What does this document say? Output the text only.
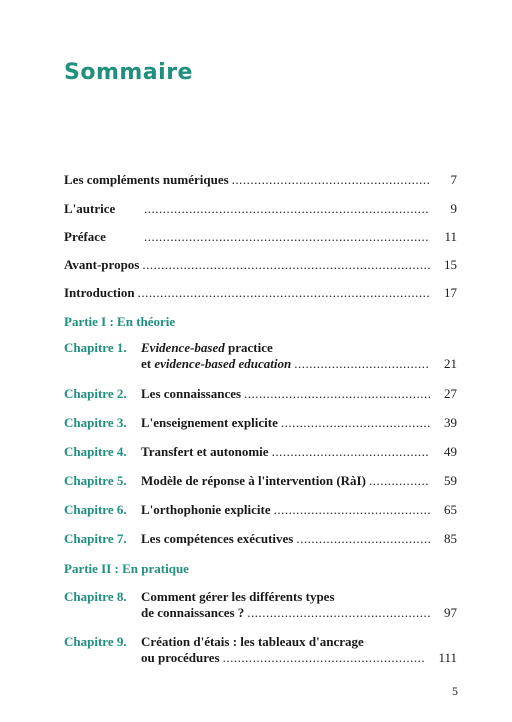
Sommaire
Les compléments numériques .....	7
L'autrice .....	9
Préface .....	11
Avant-propos .....	15
Introduction .....	17
Partie I : En théorie
Chapitre 1.	Evidence-based practice
et evidence-based education .....	21
Chapitre 2.	Les connaissances .....	27
Chapitre 3.	L'enseignement explicite .....	39
Chapitre 4.	Transfert et autonomie .....	49
Chapitre 5.	Modèle de réponse à l'intervention (RàI) .....	59
Chapitre 6.	L'orthophonie explicite .....	65
Chapitre 7.	Les compétences exécutives .....	85
Partie II : En pratique
Chapitre 8.	Comment gérer les différents types
de connaissances ? .....	97
Chapitre 9.	Création d'étais : les tableaux d'ancrage
ou procédures .....	111
5
